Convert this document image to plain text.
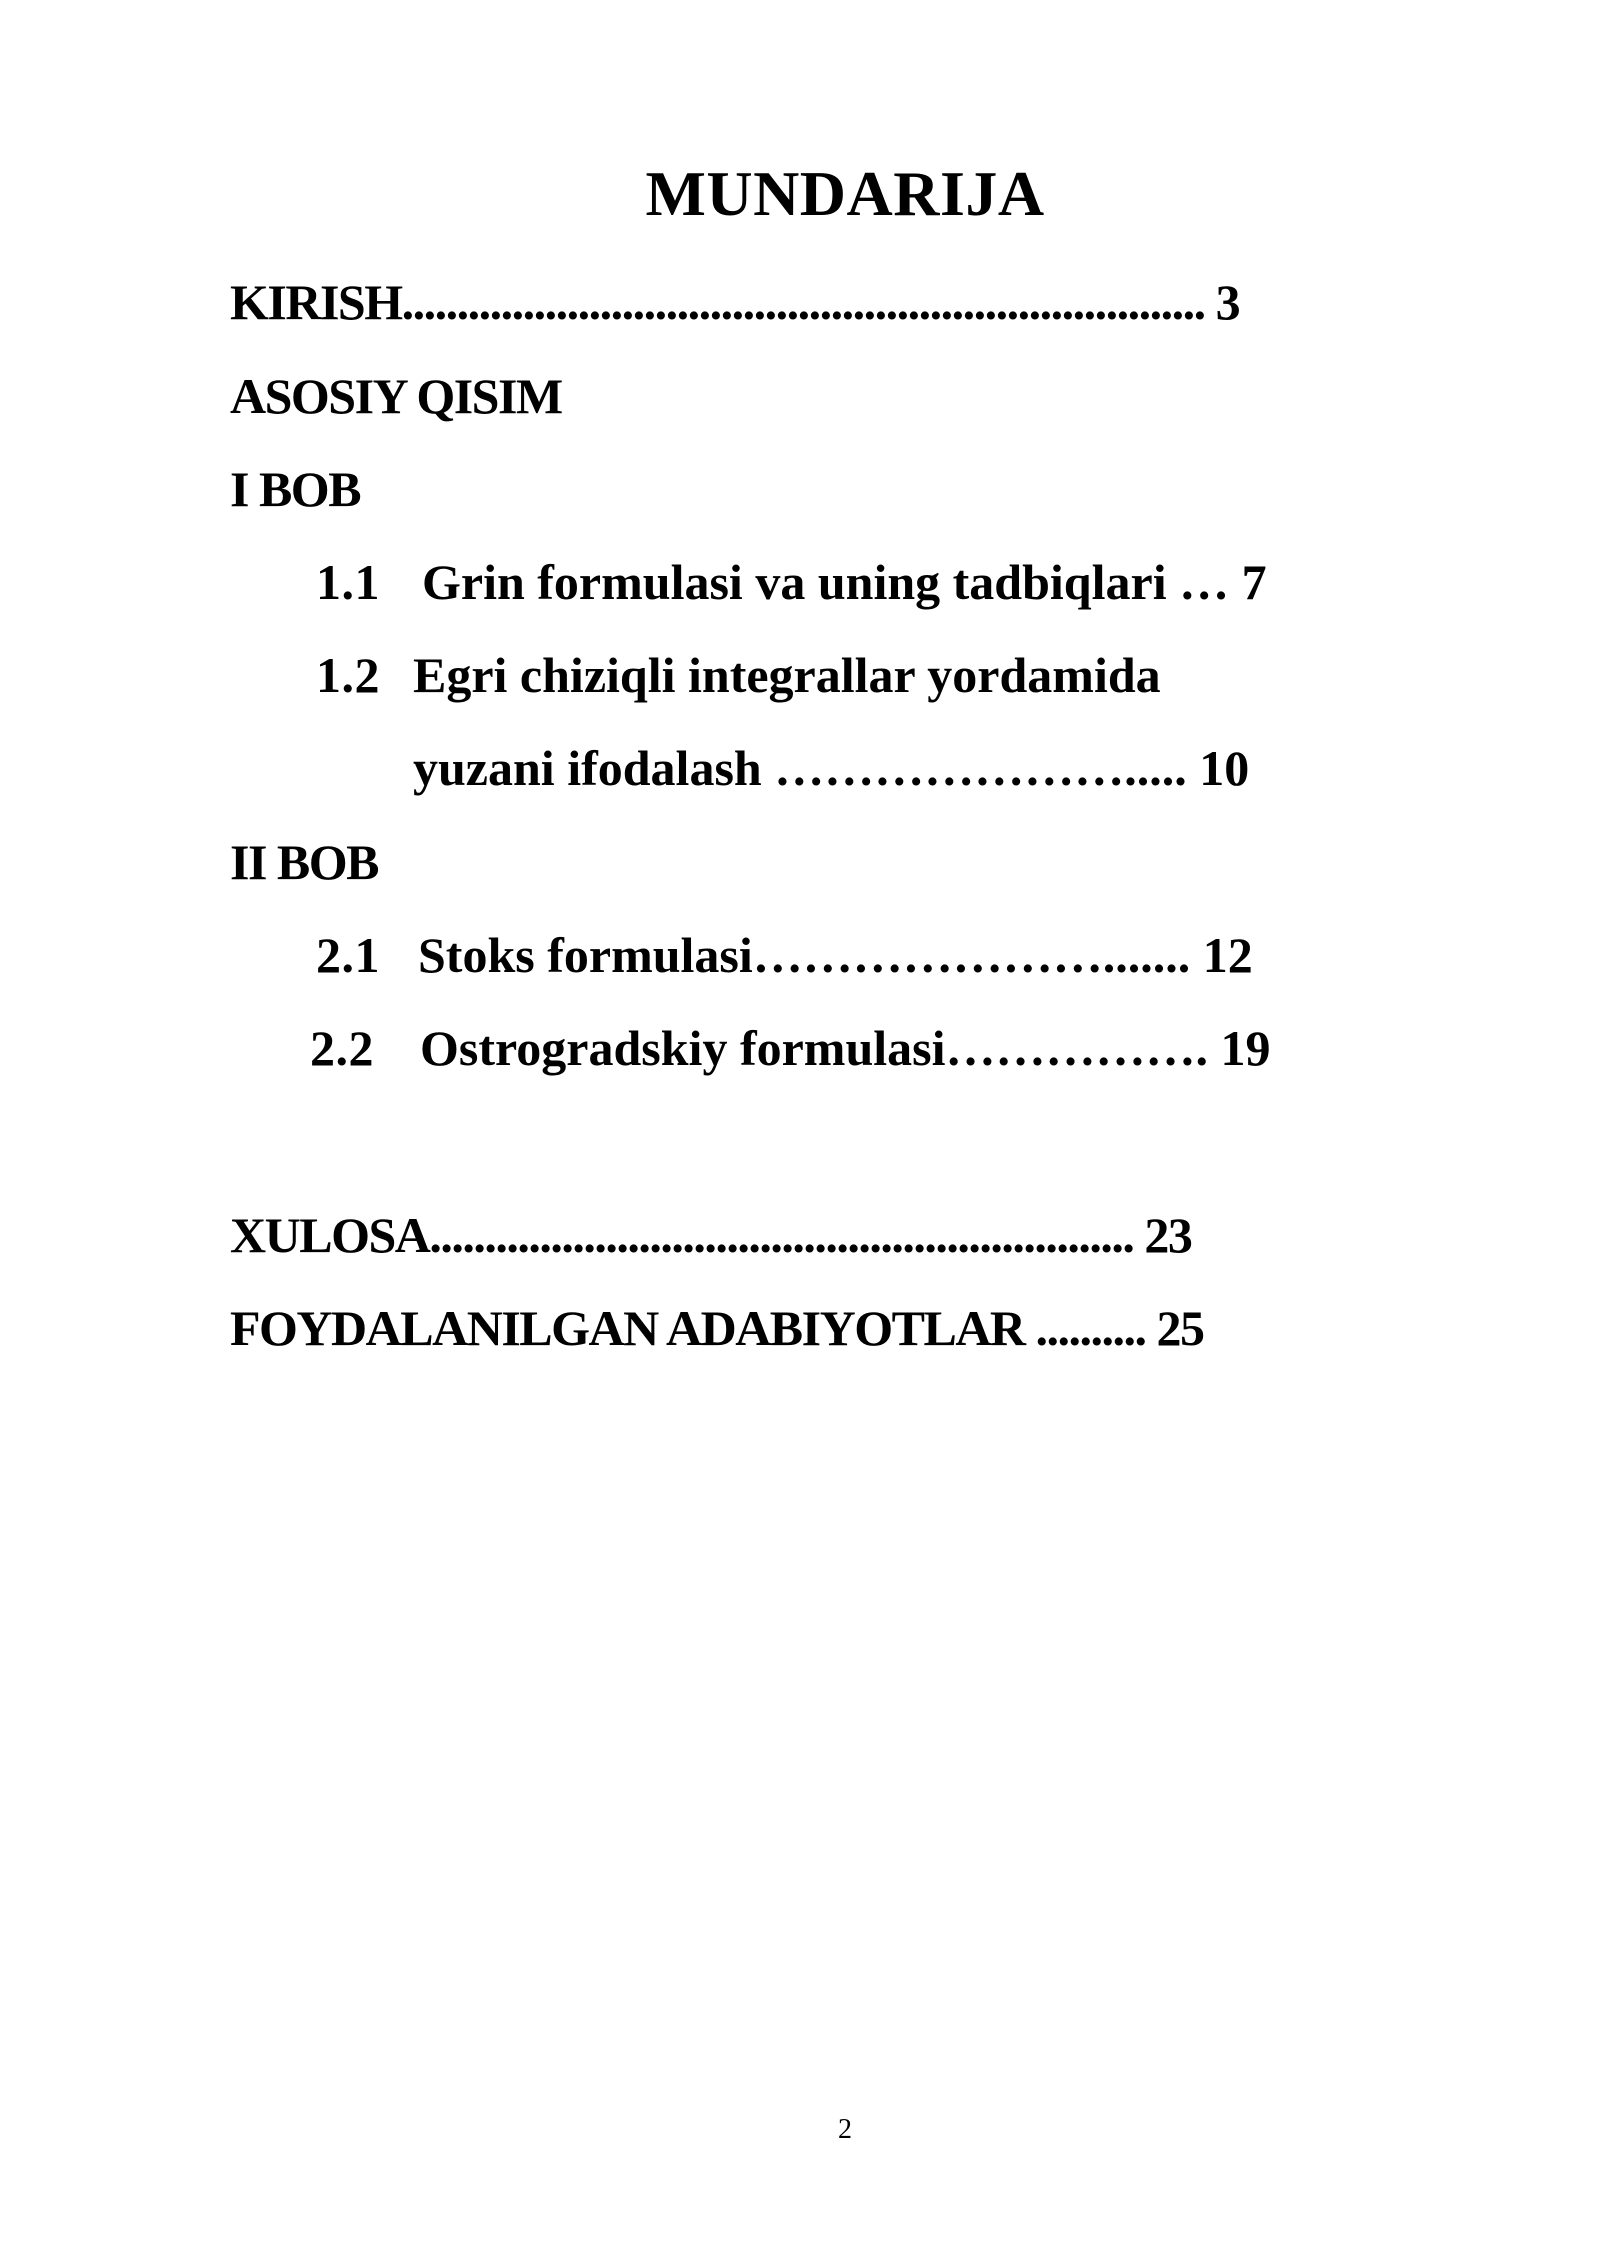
MUNDARIJA
KIRISH......................................................................... 3
ASOSIY QISIM
I BOB
1.1 Grin formulasi va uning tadbiqlari … 7
1.2 Egri chiziqli integrallar yordamida
yuzani ifodalash …………………..... 10
II BOB
2.1 Stoks formulasi…………………....... 12
2.2 Ostrogradskiy formulasi……………. 19
XULOSA................................................................ 23
FOYDALANILGAN ADABIYOTLAR .......... 25
2
